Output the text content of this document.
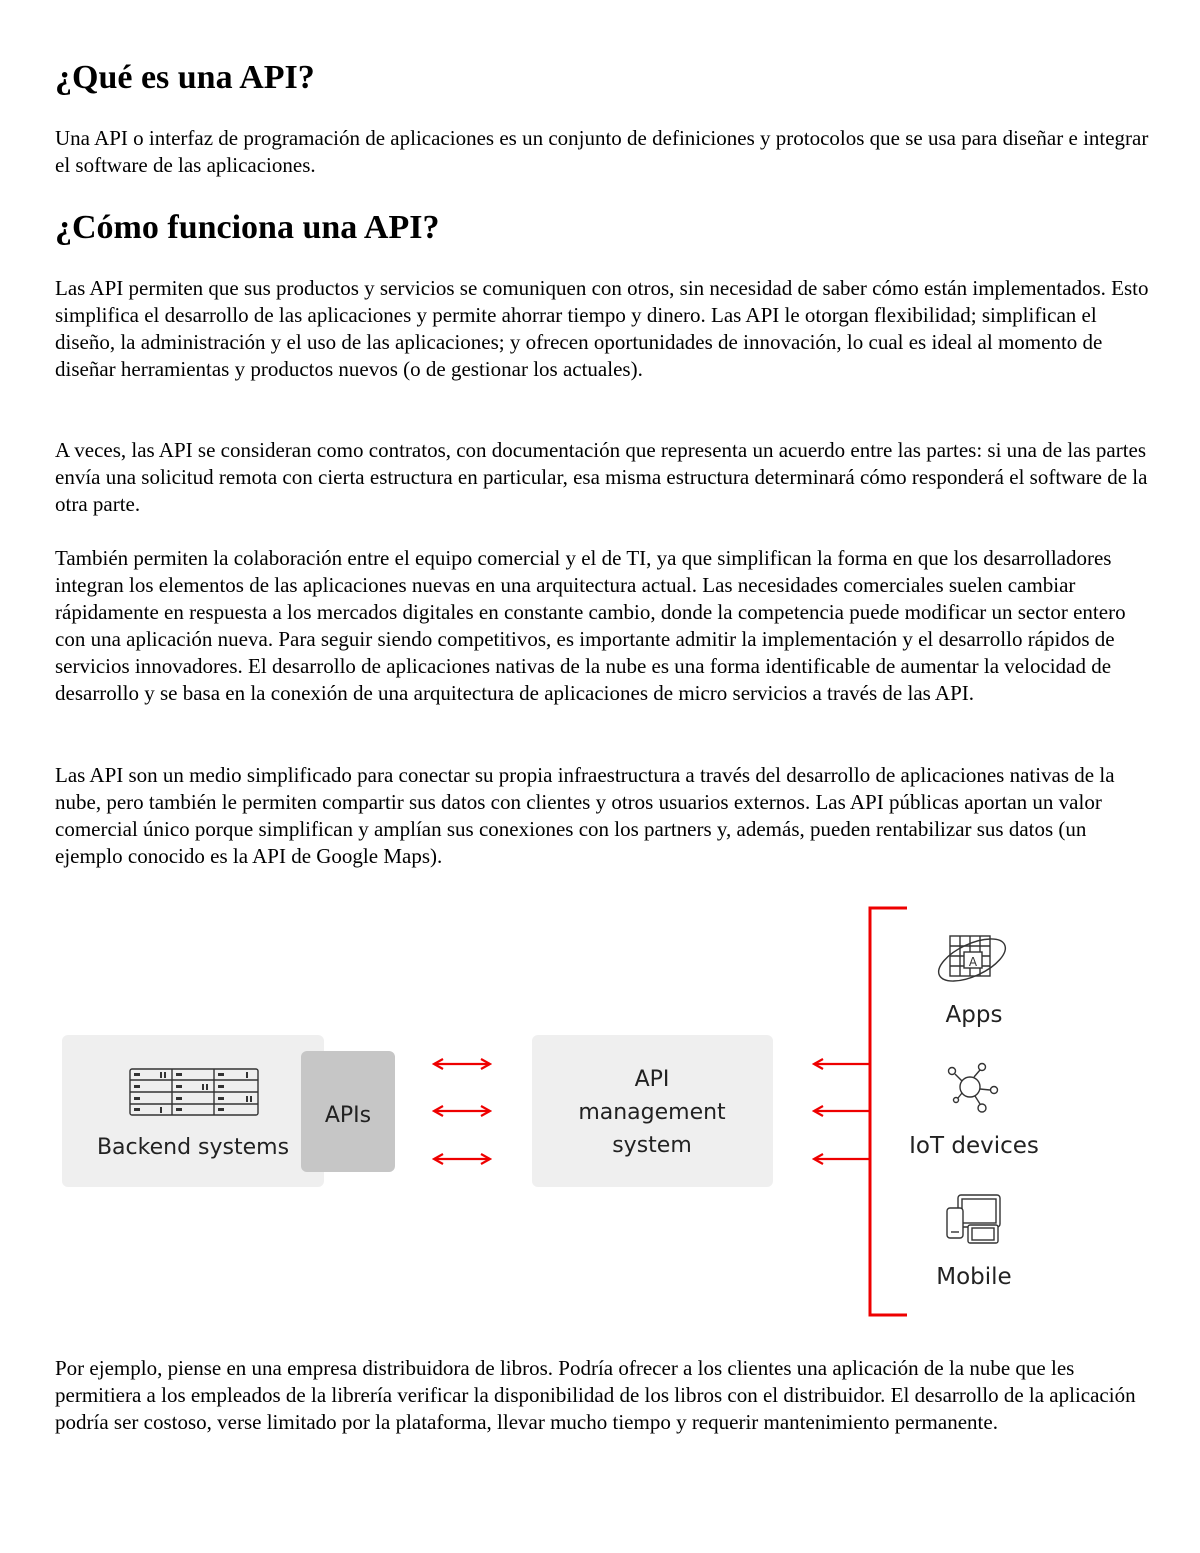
¿Qué es una API?

Una API o interfaz de programación de aplicaciones es un conjunto de definiciones y protocolos que se usa para diseñar e integrar el software de las aplicaciones.

¿Cómo funciona una API?

Las API permiten que sus productos y servicios se comuniquen con otros, sin necesidad de saber cómo están implementados. Esto simplifica el desarrollo de las aplicaciones y permite ahorrar tiempo y dinero. Las API le otorgan flexibilidad; simplifican el diseño, la administración y el uso de las aplicaciones; y ofrecen oportunidades de innovación, lo cual es ideal al momento de diseñar herramientas y productos nuevos (o de gestionar los actuales).

A veces, las API se consideran como contratos, con documentación que representa un acuerdo entre las partes: si una de las partes envía una solicitud remota con cierta estructura en particular, esa misma estructura determinará cómo responderá el software de la otra parte.

También permiten la colaboración entre el equipo comercial y el de TI, ya que simplifican la forma en que los desarrolladores integran los elementos de las aplicaciones nuevas en una arquitectura actual. Las necesidades comerciales suelen cambiar rápidamente en respuesta a los mercados digitales en constante cambio, donde la competencia puede modificar un sector entero con una aplicación nueva. Para seguir siendo competitivos, es importante admitir la implementación y el desarrollo rápidos de servicios innovadores. El desarrollo de aplicaciones nativas de la nube es una forma identificable de aumentar la velocidad de desarrollo y se basa en la conexión de una arquitectura de aplicaciones de micro servicios a través de las API.

Las API son un medio simplificado para conectar su propia infraestructura a través del desarrollo de aplicaciones nativas de la nube, pero también le permiten compartir sus datos con clientes y otros usuarios externos. Las API públicas aportan un valor comercial único porque simplifican y amplían sus conexiones con los partners y, además, pueden rentabilizar sus datos (un ejemplo conocido es la API de Google Maps).

Por ejemplo, piense en una empresa distribuidora de libros. Podría ofrecer a los clientes una aplicación de la nube que les permitiera a los empleados de la librería verificar la disponibilidad de los libros con el distribuidor. El desarrollo de la aplicación podría ser costoso, verse limitado por la plataforma, llevar mucho tiempo y requerir mantenimiento permanente.

Backend systems
APIs
API
management
system
A
Apps
IoT devices
Mobile
